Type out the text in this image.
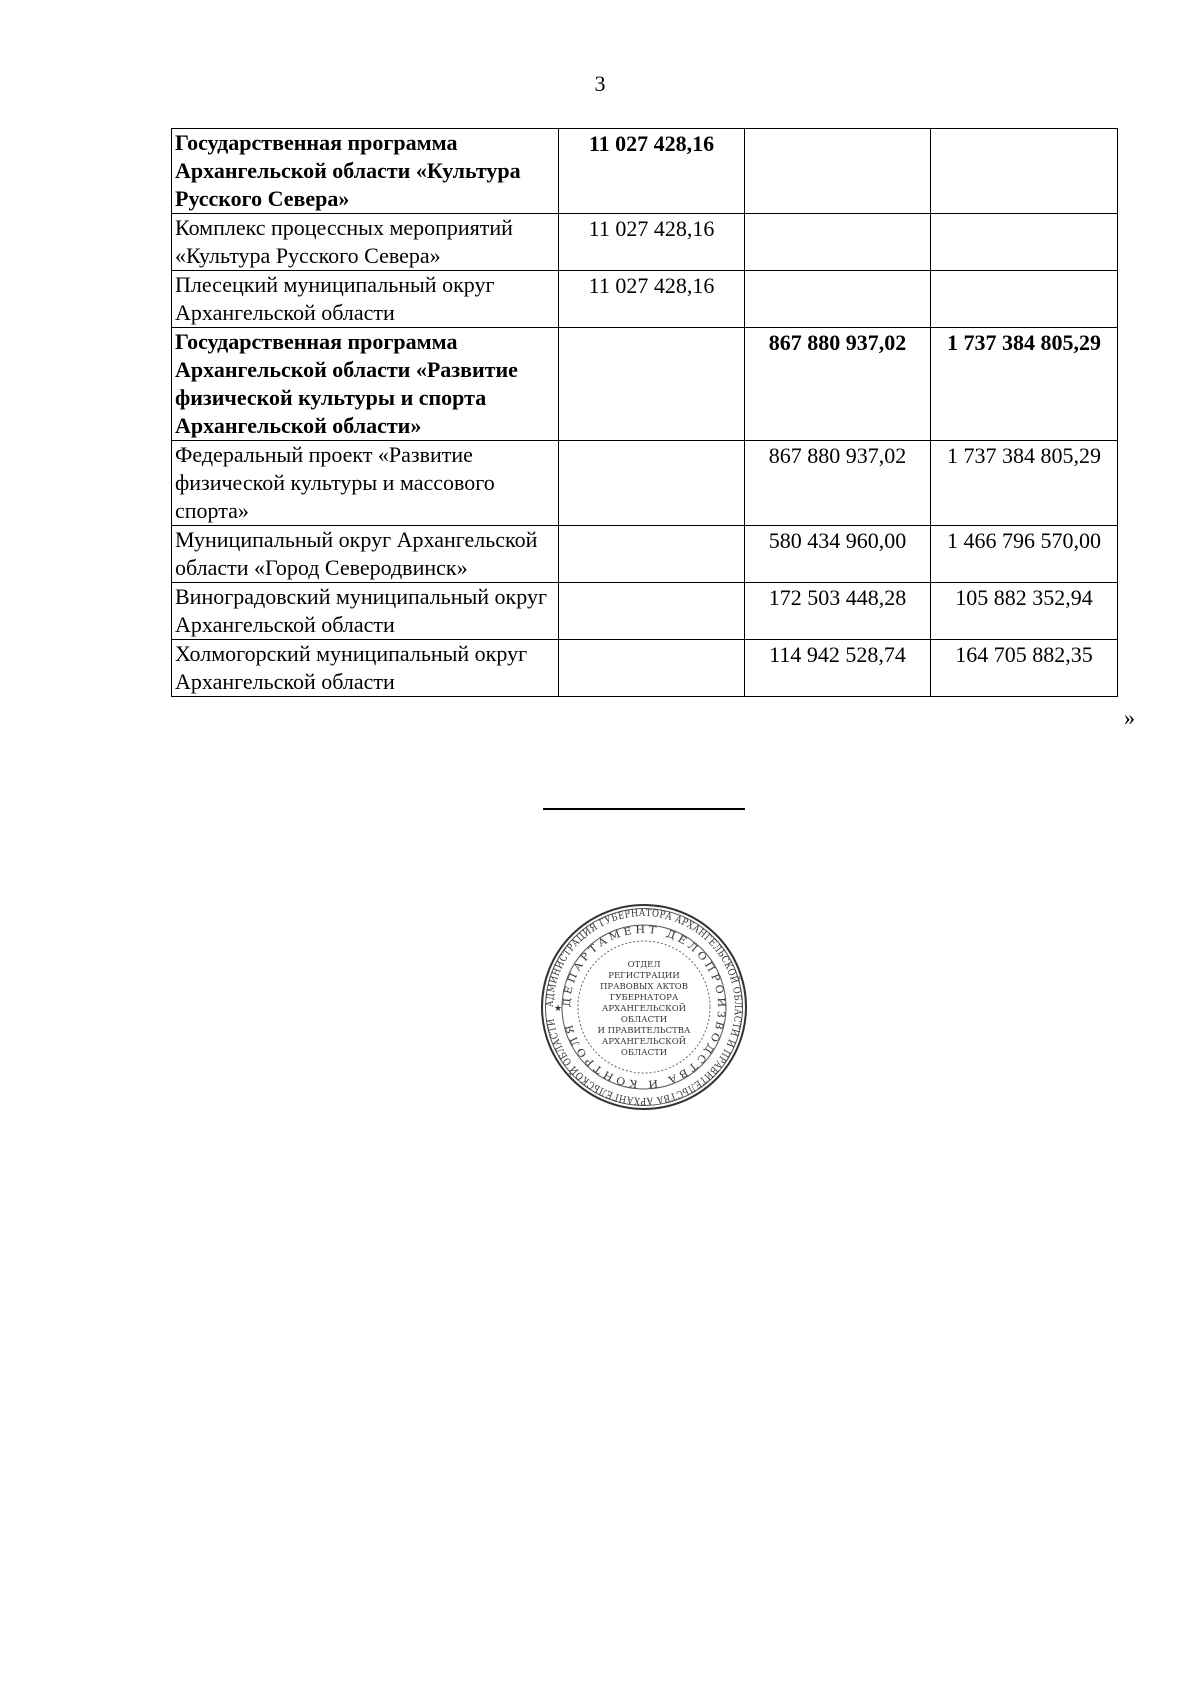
3
Государственная программа Архангельской области «Культура Русского Севера»	11 027 428,16		
Комплекс процессных мероприятий «Культура Русского Севера»	11 027 428,16		
Плесецкий муниципальный округ Архангельской области	11 027 428,16		
Государственная программа Архангельской области «Развитие физической культуры и спорта Архангельской области»		867 880 937,02	1 737 384 805,29
Федеральный проект «Развитие физической культуры и массового спорта»		867 880 937,02	1 737 384 805,29
Муниципальный округ Архангельской области «Город Северодвинск»		580 434 960,00	1 466 796 570,00
Виноградовский муниципальный округ Архангельской области		172 503 448,28	105 882 352,94
Холмогорский муниципальный округ Архангельской области		114 942 528,74	164 705 882,35
»
АДМИНИСТРАЦИЯ ГУБЕРНАТОРА АРХАНГЕЛЬСКОЙ ОБЛАСТИ И ПРАВИТЕЛЬСТВА АРХАНГЕЛЬСКОЙ ОБЛАСТИ
ДЕПАРТАМЕНТ ДЕЛОПРОИЗВОДСТВА И КОНТРОЛЯ
ОТДЕЛ
РЕГИСТРАЦИИ
ПРАВОВЫХ АКТОВ
ГУБЕРНАТОРА
АРХАНГЕЛЬСКОЙ
ОБЛАСТИ
И ПРАВИТЕЛЬСТВА
АРХАНГЕЛЬСКОЙ
ОБЛАСТИ
★
